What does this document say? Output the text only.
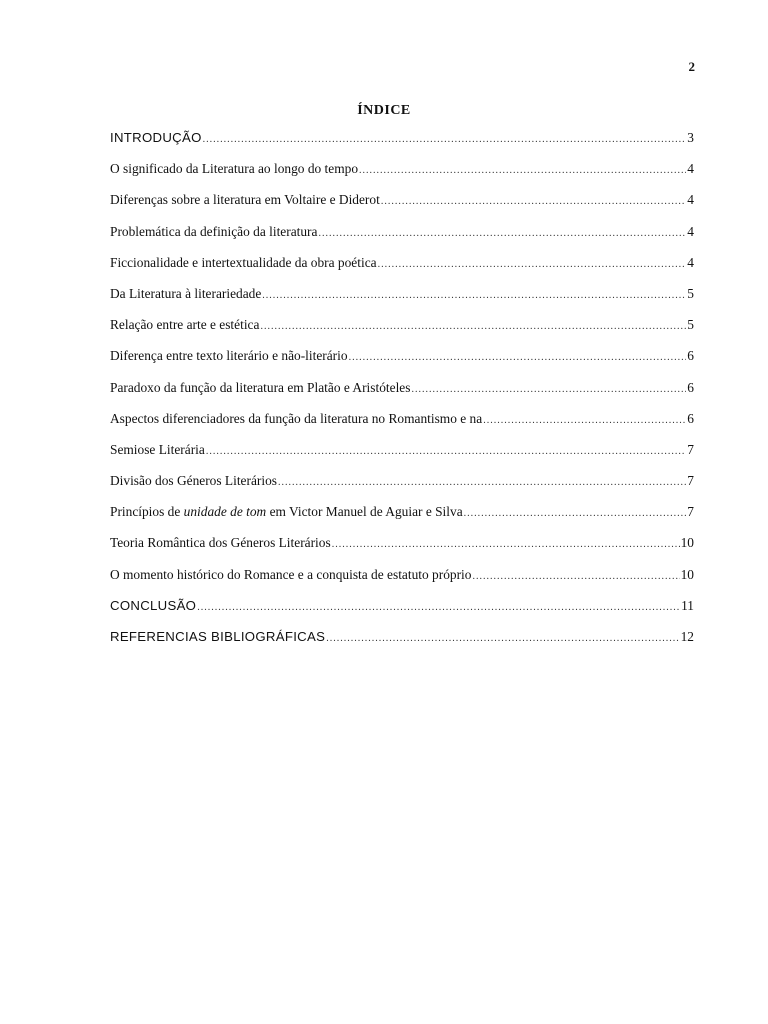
2
ÍNDICE
INTRODUÇÃO .....	3
O significado da Literatura ao longo do tempo .....	4
Diferenças sobre a literatura em Voltaire e Diderot .....	4
Problemática da definição da literatura .....	4
Ficcionalidade e intertextualidade da obra poética .....	4
Da Literatura à literariedade .....	5
Relação entre arte e estética .....	5
Diferença entre texto literário e não-literário .....	6
Paradoxo da função da literatura em Platão e Aristóteles .....	6
Aspectos diferenciadores da função da literatura no Romantismo e na .....	6
Semiose Literária .....	7
Divisão dos Géneros Literários .....	7
Princípios de unidade de tom em Victor Manuel de Aguiar e Silva .....	7
Teoria Romântica dos Géneros Literários .....	10
O momento histórico do Romance e a conquista de estatuto próprio .....	10
CONCLUSÃO .....	11
REFERENCIAS BIBLIOGRÁFICAS .....	12
